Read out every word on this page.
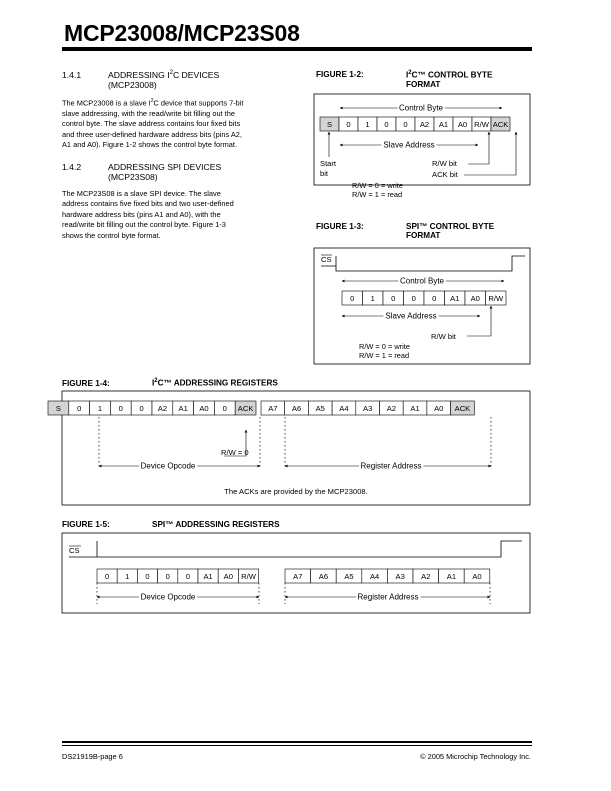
MCP23008/MCP23S08
1.4.1	ADDRESSING $I^2C$ DEVICES
(MCP23008)
The MCP23008 is a slave $I^2C$ device that supports 7-bit
slave addressing, with the read/write bit filling out the
control byte. The slave address contains four fixed bits
and three user-defined hardware address bits (pins A2,
A1 and A0). Figure 1-2 shows the control byte format.
1.4.2	ADDRESSING SPI DEVICES
(MCP23S08)
The MCP23S08 is a slave SPI device. The slave
address contains five fixed bits and two user-defined
hardware address bits (pins A1 and A0), with the
read/write bit filling out the control byte. Figure 1-3
shows the control byte format.
FIGURE 1-2:	$I^2C™$ CONTROL BYTE
FORMAT
FIGURE 1-3:	SPI™ CONTROL BYTE
FORMAT
FIGURE 1-4:	$I^2C™$ ADDRESSING REGISTERS
FIGURE 1-5:	SPI™ ADDRESSING REGISTERS
Control Byte
S 0 1 0 0 A2 A1 A0 R/W ACK
Slave Address
Start
bit
R/W bit
ACK bit
R/W = 0 = write
R/W = 1 = read
CS
Control Byte
0 1 0 0 0 A1 A0 R/W
Slave Address
R/W bit
R/W = 0 = write
R/W = 1 = read
S 0 1 0 0 A2 A1 A0 0 ACK A7 A6 A5 A4 A3 A2 A1 A0 ACK
R/W = 0
Device Opcode	Register Address
The ACKs are provided by the MCP23008.
CS
0 1 0 0 0 A1 A0 R/W	A7 A6 A5 A4 A3 A2 A1 A0
Device Opcode	Register Address
DS21919B-page 6	© 2005 Microchip Technology Inc.
